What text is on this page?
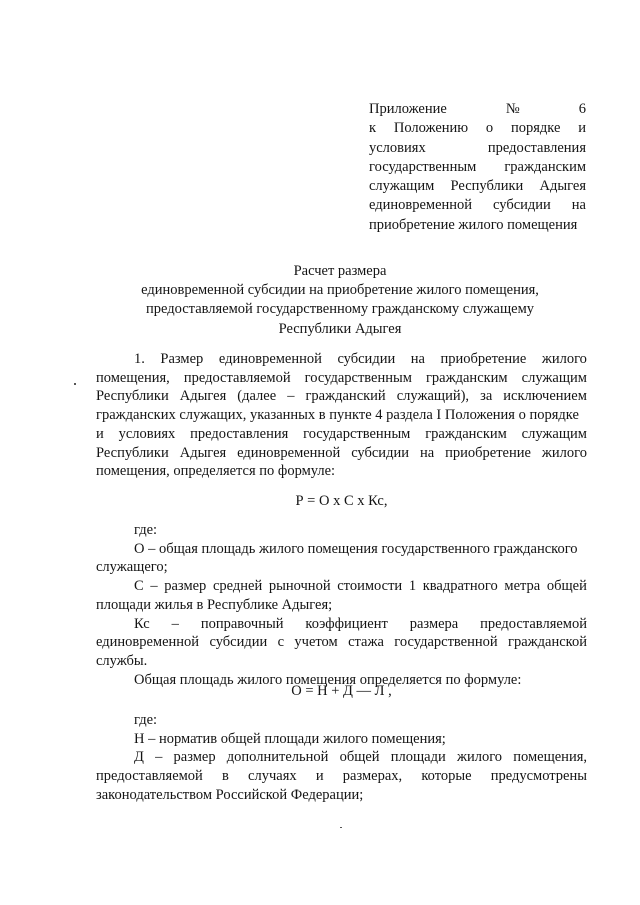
Приложение	№	6
к Положению о порядке и
условиях	предоставления
государственным гражданским
служащим Республики Адыгея
единовременной субсидии на
приобретение жилого помещения
Расчет размера
единовременной субсидии на приобретение жилого помещения,
предоставляемой государственному гражданскому служащему
Республики Адыгея
1. Размер единовременной субсидии на приобретение жилого
помещения, предоставляемой государственным гражданским служащим
Республики Адыгея (далее – гражданский служащий), за исключением
гражданских служащих, указанных в пункте 4 раздела I Положения о порядке
и условиях предоставления государственным гражданским служащим
Республики Адыгея единовременной субсидии на приобретение жилого
помещения, определяется по формуле:
Р = О х С х Кс,
где:
О – общая площадь жилого помещения государственного гражданского
служащего;
С – размер средней рыночной стоимости 1 квадратного метра общей
площади жилья в Республике Адыгея;
Кс – поправочный коэффициент размера предоставляемой
единовременной субсидии с учетом стажа государственной гражданской
службы.
Общая площадь жилого помещения определяется по формуле:
О = Н + Д — Л ,
где:
Н – норматив общей площади жилого помещения;
Д – размер дополнительной общей площади жилого помещения,
предоставляемой в случаях и размерах, которые предусмотрены
законодательством Российской Федерации;
